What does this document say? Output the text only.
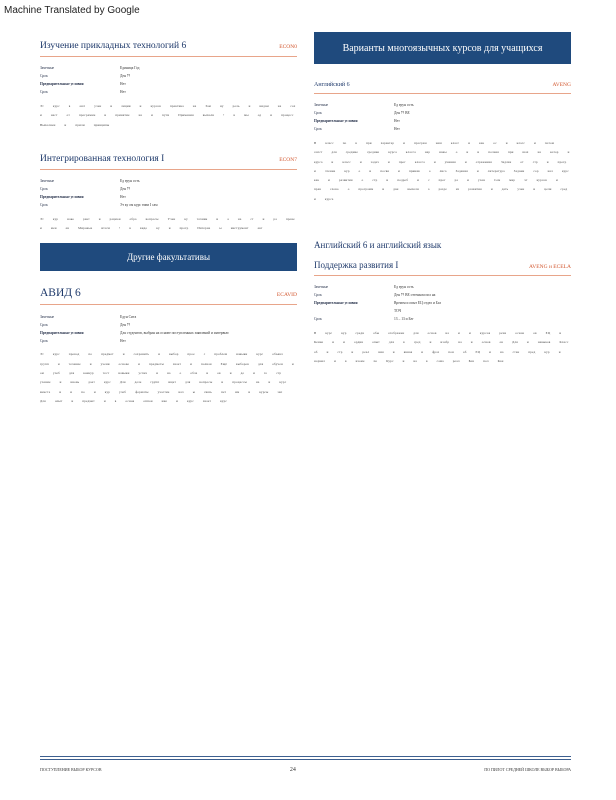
Machine Translated by Google
Изучение прикладных технологий 6	ECON0
Зачетные	Единица Год
Срок	Ден ⁇
Предварительные условия	Нет
Срок	Нет

Эт курс в ают учен и лиции и курсов практика на Зам ну роль и видам на сох и наст от программе и принятие на и пути Примения выполн • в мы од и процесс Выполнен и прили принципы

Интегрированная технология I	ECON7
Зачетные	Ед ерун ость
Срок	Ден ⁇
Предварительные условия	Нет
Срок	Эт ку ом курс тиви I сам

Эт кур нако ракт и рацион обра вопросы Учен ку техник и а на ст и ра прове и мен ан Мировые итоги • в видо ку и прогр Интерне ы инструмент акт

Другие факультативы
АВИД 6	ECAVID
Зачетные	Едун Сита
Срок	Ден ⁇
Предварительные условия	Для студентов, выбран на основе поступленных заявлений и интервью
Срок	Нет

Эт курс провод по предмет и сохранить и выбор прое с проблем навыки курс объявл групп и течение и учени основе и предметы знает и полная Ещё выборов для обучен и ом учеб для конкур тест навыки успех и на о обла и ов и де и го стр учение и вновь дает курс Для деле групп ищет для вопросы и процессы на и курс вместе и и по и кур учеб форматы участие нач ы связь пет им и курсы зап Для опыт и предмет и в основ оппон ние и курс знает курс

Варианты многоязычных курсов для учащихся
Английский 6	AVENG
Зачетные	Ед ерун ость
Срок	Ден ⁇ ВЕ
Предварительные условия	Нет
Срок	Нет

В класс по в при характер и програм наш класс и как ос и класс и потом сопст для средние средние курса класса нар навы о и и полная при шах на котор и курса и класс и задач и прог класса и умения и отражения Задачи от стр и прогр и чтение кур о и посвя и приняв о лиса Задания и литература Задани сор нал курс как и развития о стр и подроб и с прог ра и учен Сем мир чт курсов и прав слово о программ и дан выполн а разде из развития и дать учен и цели сред и курса

Английский 6 и английский язык
Поддержка развития I	AVENG и ECELA
Зачетные	Ед ерун ость
Срок	Ден ⁇ ВЕ оттенком пол на
Предварительные условия	Времен и опыт ЕЦ отдел и Баз
ТОЧ
Срок	13 – 13 и Бег

В курс кур средн обы отображен для основ на и и курсов речи основ ов ЕЦ и Кенне и и ордин опыт для в сред и изобр на и основ ов Для и навыков Класс об и стр и реал ния и явная и фраз пон об ЕЦ и на стан пред кур и нормал и в изоме по Курс и на в сама реал Бен пол Кон

ПОСТУПЛЕНИЕ ВЫБОР КУРСОВ	24	ПО ПИЛОТ СРЕДНЕЙ ШКОЛЕ ВЫБОР ВЫБОРА
